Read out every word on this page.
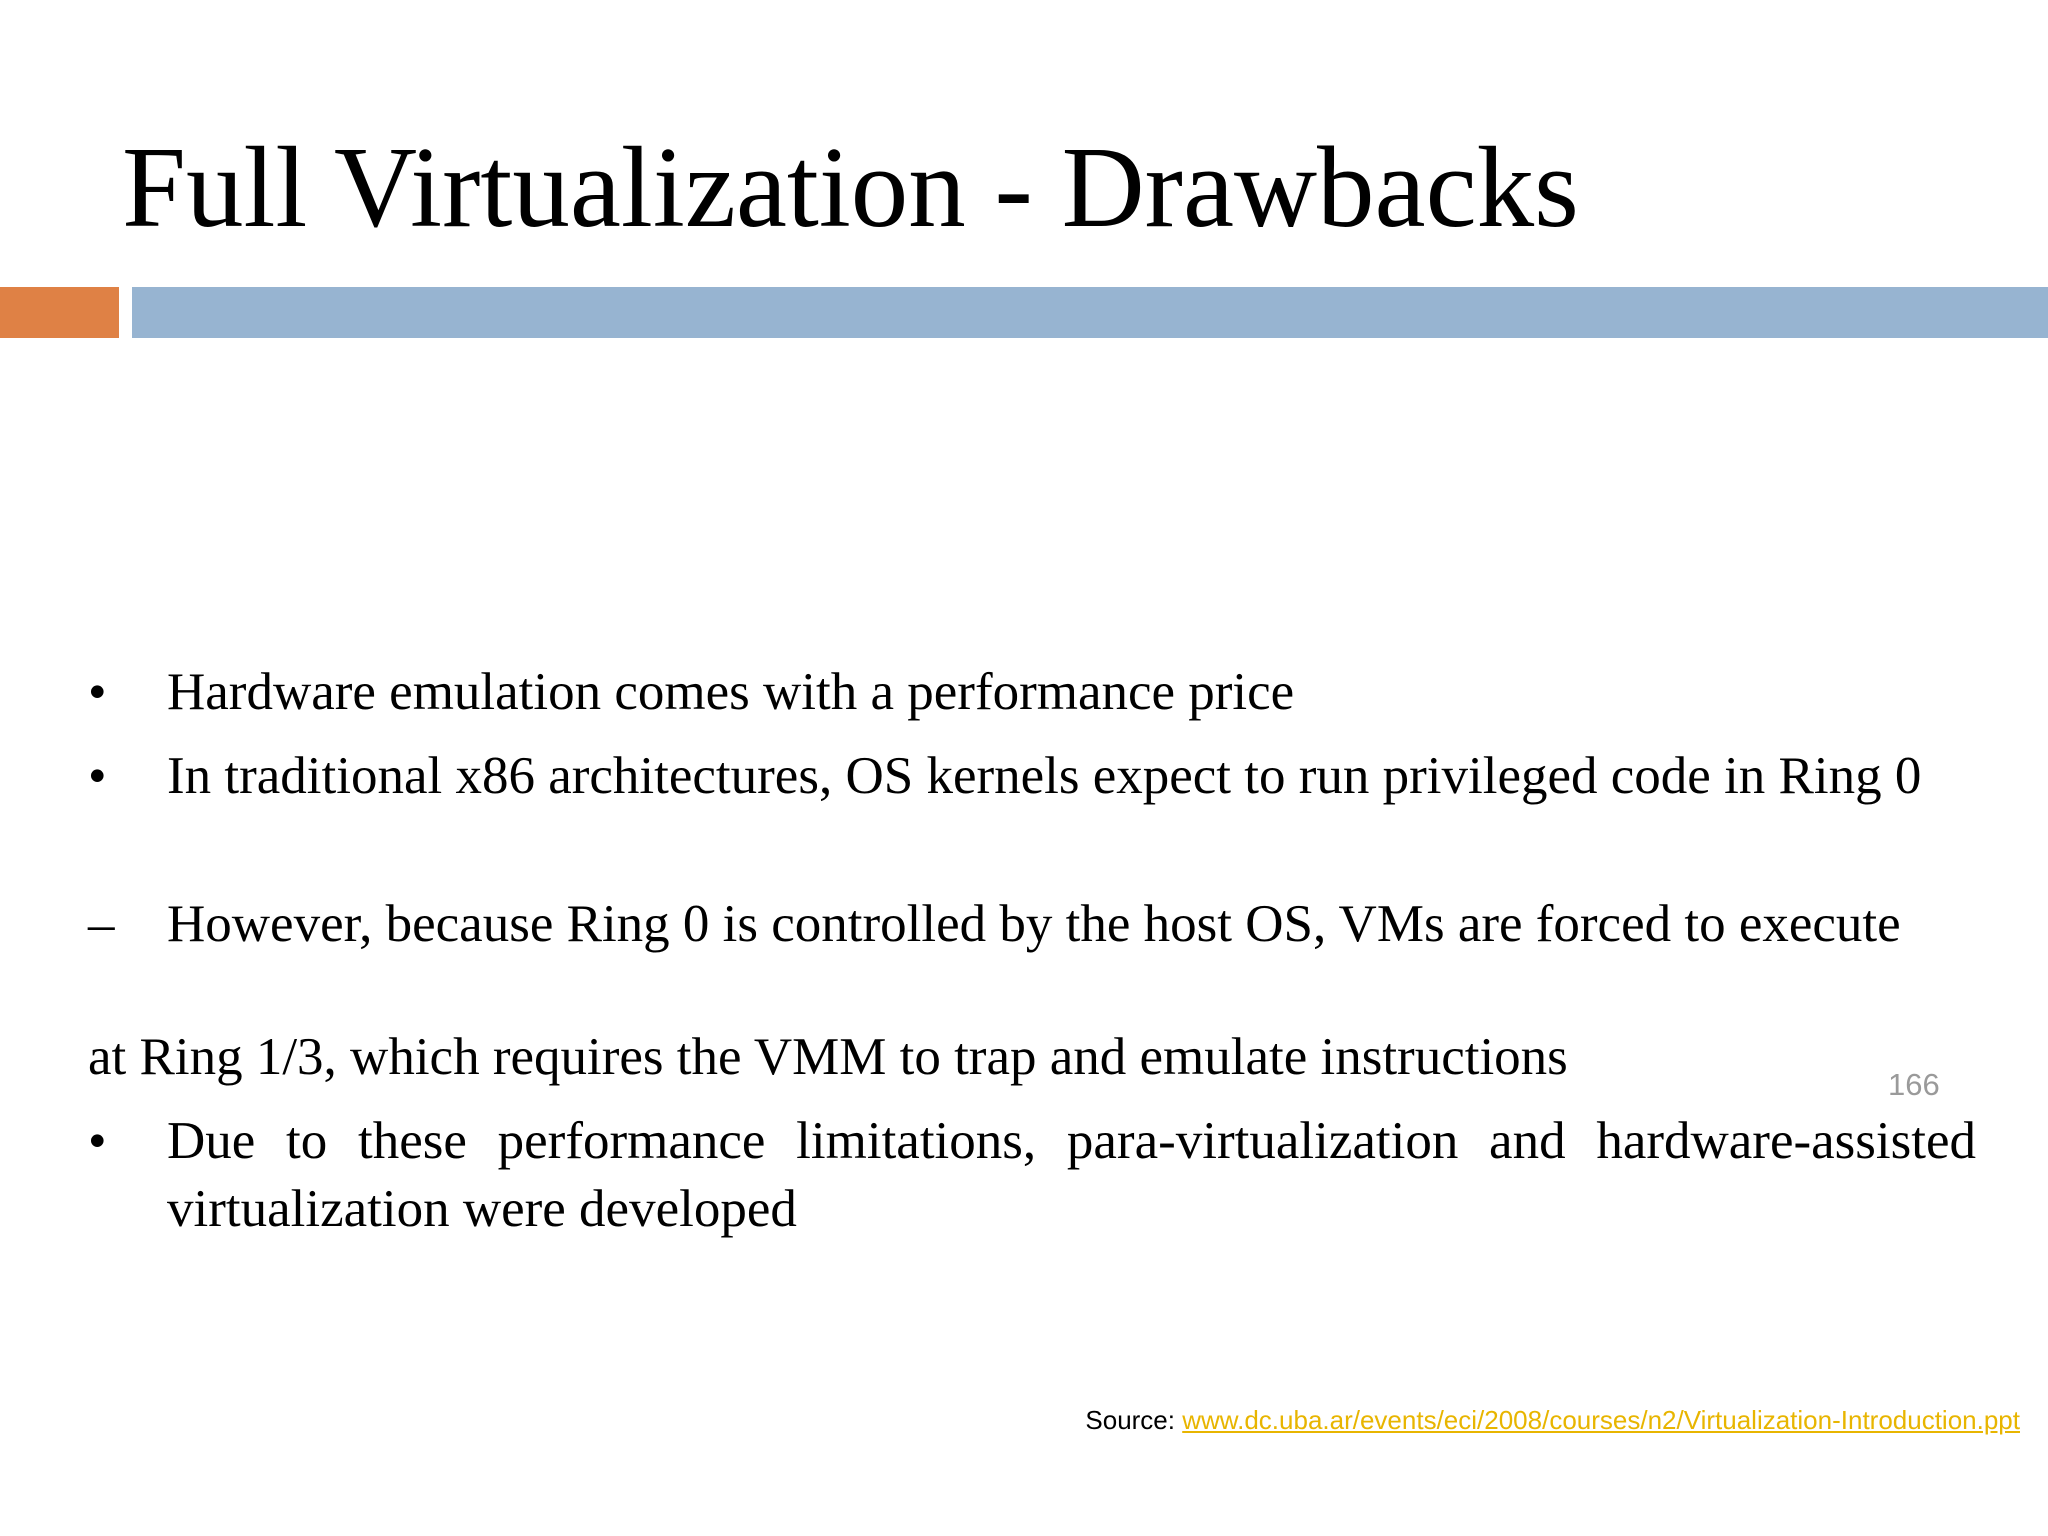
Full Virtualization - Drawbacks
•	Hardware emulation comes with a performance price
•	In traditional x86 architectures, OS kernels expect to run privileged code in Ring 0
– However, because Ring 0 is controlled by the host OS, VMs are forced to execute
at Ring 1/3, which requires the VMM to trap and emulate instructions	166
•	Due to these performance limitations, para-virtualization and hardware-assisted virtualization were developed
Source: www.dc.uba.ar/events/eci/2008/courses/n2/Virtualization-Introduction.ppt
